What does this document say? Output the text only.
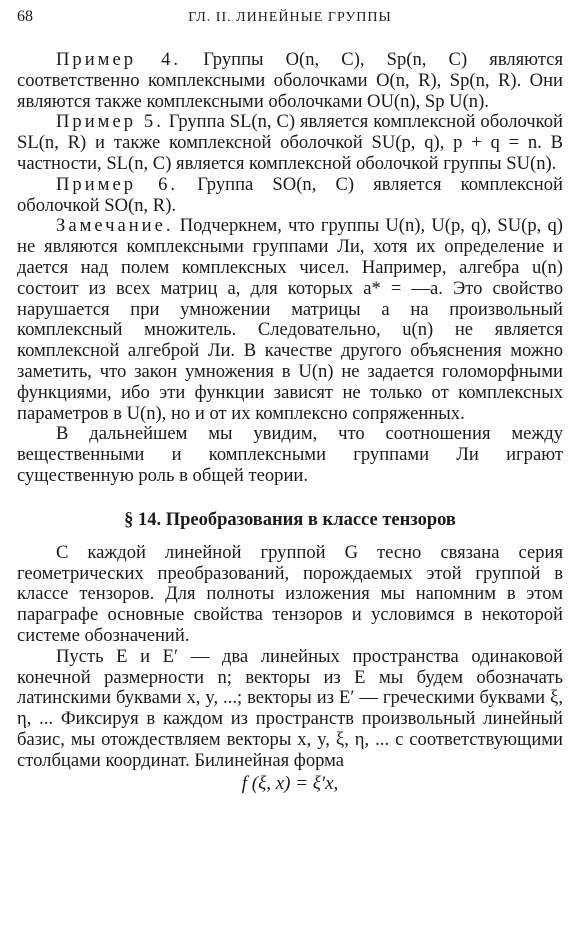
68	ГЛ. II. ЛИНЕЙНЫЕ ГРУППЫ

Пример 4. Группы O(n, C), Sp(n, C) являются соответственно комплексными оболочками O(n, R), Sp(n, R). Они являются также комплексными оболочками OU(n), Sp U(n).

Пример 5. Группа SL(n, C) является комплексной оболочкой SL(n, R) и также комплексной оболочкой SU(p, q), p + q = n. В частности, SL(n, C) является комплексной оболочкой группы SU(n).

Пример 6. Группа SO(n, C) является комплексной оболочкой SO(n, R).

Замечание. Подчеркнем, что группы U(n), U(p, q), SU(p, q) не являются комплексными группами Ли, хотя их определение и дается над полем комплексных чисел. Например, алгебра u(n) состоит из всех матриц a, для которых a* = —a. Это свойство нарушается при умножении матрицы a на произвольный комплексный множитель. Следовательно, u(n) не является комплексной алгеброй Ли. В качестве другого объяснения можно заметить, что закон умножения в U(n) не задается голоморфными функциями, ибо эти функции зависят не только от комплексных параметров в U(n), но и от их комплексно сопряженных.

В дальнейшем мы увидим, что соотношения между вещественными и комплексными группами Ли играют существенную роль в общей теории.

§ 14. Преобразования в классе тензоров

С каждой линейной группой G тесно связана серия геометрических преобразований, порождаемых этой группой в классе тензоров. Для полноты изложения мы напомним в этом параграфе основные свойства тензоров и условимся в некоторой системе обозначений.

Пусть E и E′ — два линейных пространства одинаковой конечной размерности n; векторы из E мы будем обозначать латинскими буквами x, y, ...; векторы из E′ — греческими буквами ξ, η, ... Фиксируя в каждом из пространств произвольный линейный базис, мы отождествляем векторы x, y, ξ, η, ... с соответствующими столбцами координат. Билинейная форма

f (ξ, x) = ξ′x,
